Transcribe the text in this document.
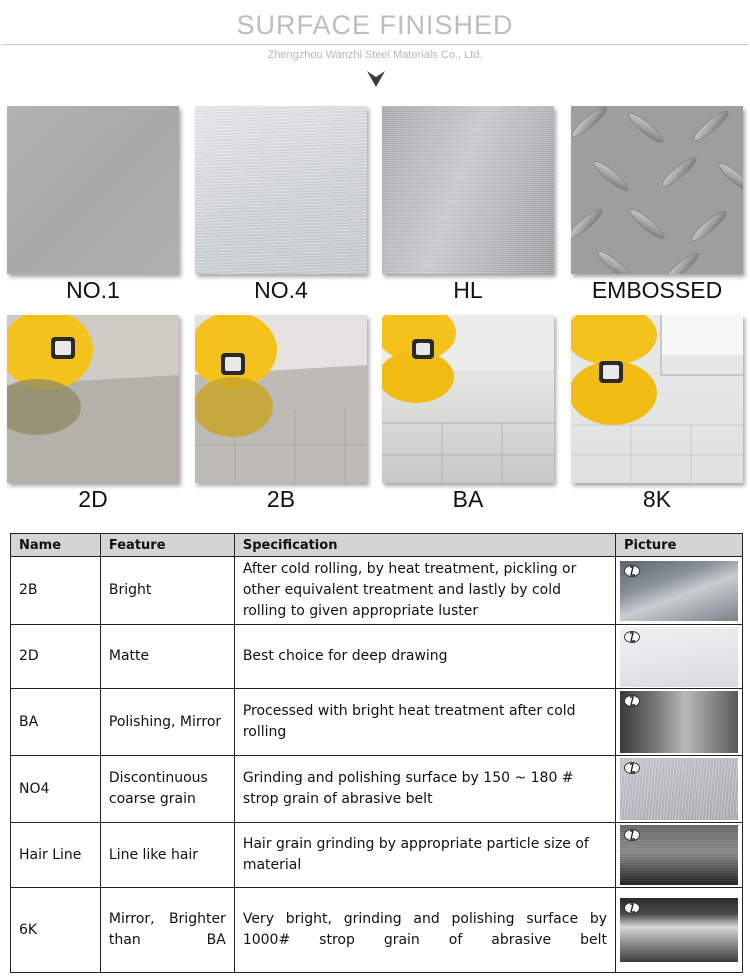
SURFACE FINISHED
Zhengzhou Wanzhi Steel Materials Co., Ltd.
NO.1	NO.4	HL	EMBOSSED
2D	2B	BA	8K
Name	Feature	Specification	Picture
2B	Bright	After cold rolling, by heat treatment, pickling or other equivalent treatment and lastly by cold rolling to given appropriate luster	

2D	Matte	Best choice for deep drawing	

BA	Polishing, Mirror	Processed with bright heat treatment after cold rolling	

NO4	Discontinuous coarse grain	Grinding and polishing surface by 150 ~ 180 # strop grain of abrasive belt	

Hair Line	Line like hair	Hair grain grinding by appropriate particle size of material	

6K	Mirror, Brighter than BA	Very bright, grinding and polishing surface by 1000# strop grain of abrasive belt	
